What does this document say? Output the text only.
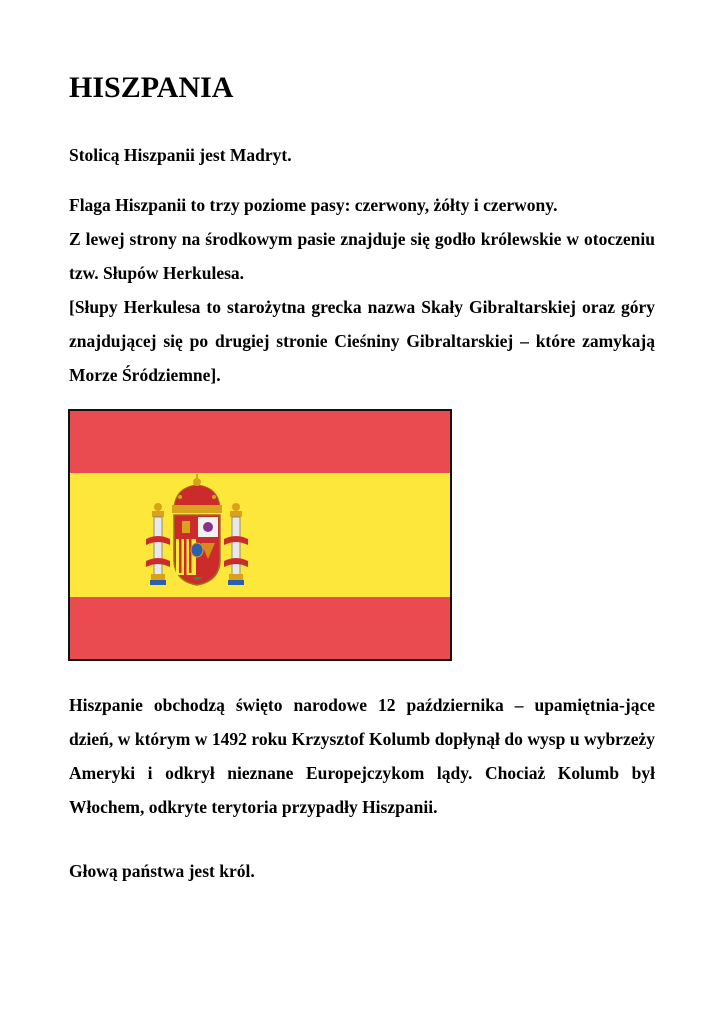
HISZPANIA

Stolicą Hiszpanii jest Madryt.

Flaga Hiszpanii to trzy poziome pasy: czerwony, żółty i czerwony.
Z lewej strony na środkowym pasie znajduje się godło królewskie w otoczeniu tzw. Słupów Herkulesa.
[Słupy Herkulesa to starożytna grecka nazwa Skały Gibraltarskiej oraz góry znajdującej się po drugiej stronie Cieśniny Gibraltarskiej – które zamykają Morze Śródziemne].

Hiszpanie obchodzą święto narodowe 12 października – upamiętnia-jące dzień, w którym w 1492 roku Krzysztof Kolumb dopłynął do wysp u wybrzeży Ameryki i odkrył nieznane Europejczykom lądy. Chociaż Kolumb był Włochem, odkryte terytoria przypadły Hiszpanii.

Głową państwa jest król.
